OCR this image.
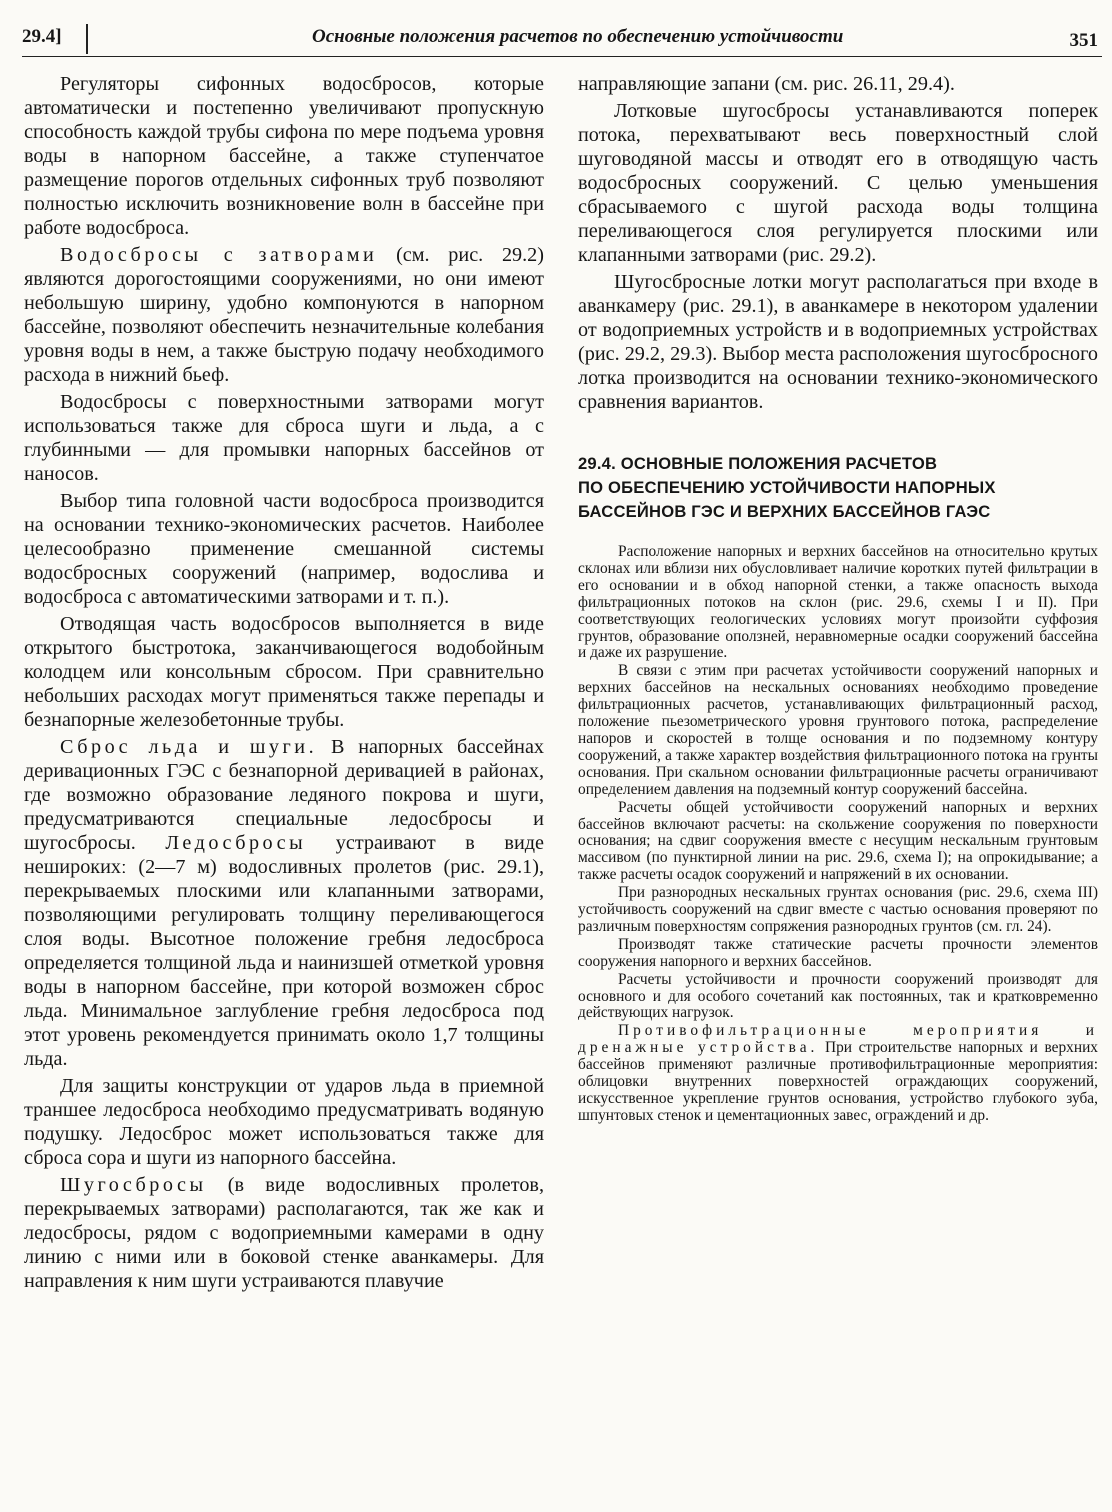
29.4]	Основные положения расчетов по обеспечению устойчивости	351

Регуляторы сифонных водосбросов, которые автоматически и постепенно увеличивают пропускную способность каждой трубы сифона по мере подъема уровня воды в напорном бассейне, а также ступенчатое размещение порогов отдельных сифонных труб позволяют полностью исключить возникновение волн в бассейне при работе водосброса.

Водосбросы с затворами (см. рис. 29.2) являются дорогостоящими сооружениями, но они имеют небольшую ширину, удобно компонуются в напорном бассейне, позволяют обеспечить незначительные колебания уровня воды в нем, а также быструю подачу необходимого расхода в нижний бьеф.

Водосбросы с поверхностными затворами могут использоваться также для сброса шуги и льда, а с глубинными — для промывки напорных бассейнов от наносов.

Выбор типа головной части водосброса производится на основании технико-экономических расчетов. Наиболее целесообразно применение смешанной системы водосбросных сооружений (например, водослива и водосброса с автоматическими затворами и т. п.).

Отводящая часть водосбросов выполняется в виде открытого быстротока, заканчивающегося водобойным колодцем или консольным сбросом. При сравнительно небольших расходах могут применяться также перепады и безнапорные железобетонные трубы.

Сброс льда и шуги. В напорных бассейнах деривационных ГЭС с безнапорной деривацией в районах, где возможно образование ледяного покрова и шуги, предусматриваются специальные ледосбросы и шугосбросы. Ледосбросы устраивают в виде неширокихː (2—7 м) водосливных пролетов (рис. 29.1), перекрываемых плоскими или клапанными затворами, позволяющими регулировать толщину переливающегося слоя воды. Высотное положение гребня ледосброса определяется толщиной льда и наинизшей отметкой уровня воды в напорном бассейне, при которой возможен сброс льда. Минимальное заглубление гребня ледосброса под этот уровень рекомендуется принимать около 1,7 толщины льда.

Для защиты конструкции от ударов льда в приемной траншее ледосброса необходимо предусматривать водяную подушку. Ледосброс может использоваться также для сброса сора и шуги из напорного бассейна.

Шугосбросы (в виде водосливных пролетов, перекрываемых затворами) располагаются, так же как и ледосбросы, рядом с водоприемными камерами в одну линию с ними или в боковой стенке аванкамеры. Для направления к ним шуги устраиваются плавучие

направляющие запани (см. рис. 26.11, 29.4).

Лотковые шугосбросы устанавливаются поперек потока, перехватывают весь поверхностный слой шуговодяной массы и отводят его в отводящую часть водосбросных сооружений. С целью уменьшения сбрасываемого с шугой расхода воды толщина переливающегося слоя регулируется плоскими или клапанными затворами (рис. 29.2).

Шугосбросные лотки могут располагаться при входе в аванкамеру (рис. 29.1), в аванкамере в некотором удалении от водоприемных устройств и в водоприемных устройствах (рис. 29.2, 29.3). Выбор места расположения шугосбросного лотка производится на основании технико-экономического сравнения вариантов.

29.4. ОСНОВНЫЕ ПОЛОЖЕНИЯ РАСЧЕТОВ
ПО ОБЕСПЕЧЕНИЮ УСТОЙЧИВОСТИ НАПОРНЫХ
БАССЕЙНОВ ГЭС И ВЕРХНИХ БАССЕЙНОВ ГАЭС

Расположение напорных и верхних бассейнов на относительно крутых склонах или вблизи них обусловливает наличие коротких путей фильтрации в его основании и в обход напорной стенки, а также опасность выхода фильтрационных потоков на склон (рис. 29.6, схемы I и II). При соответствующих геологических условиях могут произойти суффозия грунтов, образование оползней, неравномерные осадки сооружений бассейна и даже их разрушение.

В связи с этим при расчетах устойчивости сооружений напорных и верхних бассейнов на нескальных основаниях необходимо проведение фильтрационных расчетов, устанавливающих фильтрационный расход, положение пьезометрического уровня грунтового потока, распределение напоров и скоростей в толще основания и по подземному контуру сооружений, а также характер воздействия фильтрационного потока на грунты основания. При скальном основании фильтрационные расчеты ограничивают определением давления на подземный контур сооружений бассейна.

Расчеты общей устойчивости сооружений напорных и верхних бассейнов включают расчеты: на скольжение сооружения по поверхности основания; на сдвиг сооружения вместе с несущим нескальным грунтовым массивом (по пунктирной линии на рис. 29.6, схема I); на опрокидывание; а также расчеты осадок сооружений и напряжений в их основании.

При разнородных нескальных грунтах основания (рис. 29.6, схема III) устойчивость сооружений на сдвиг вместе с частью основания проверяют по различным поверхностям сопряжения разнородных грунтов (см. гл. 24).

Производят также статические расчеты прочности элементов сооружения напорного и верхних бассейнов.

Расчеты устойчивости и прочности сооружений производят для основного и для особого сочетаний как постоянных, так и кратковременно действующих нагрузок.

Противофильтрационные мероприятия и дренажные устройства. При строительстве напорных и верхних бассейнов применяют различные противофильтрационные мероприятия: облицовки внутренних поверхностей ограждающих сооружений, искусственное укрепление грунтов основания, устройство глубокого зуба, шпунтовых стенок и цементационных завес, ограждений и др.
